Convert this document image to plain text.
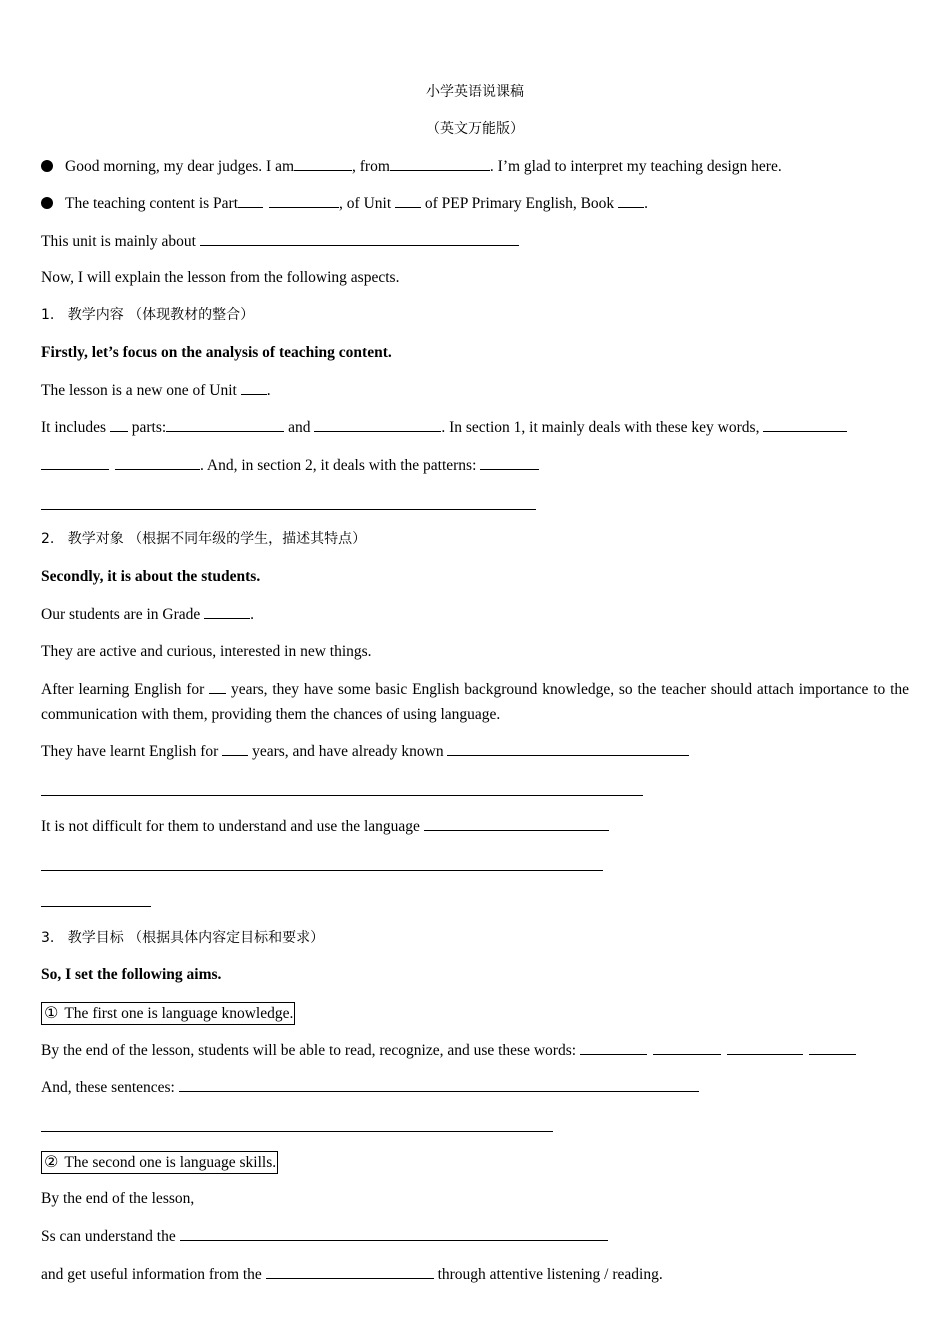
小学英语说课稿
（英文万能版）
Good morning, my dear judges. I am	, from	. I’m glad to interpret my teaching design here.
The teaching content is Part	, of Unit of PEP Primary English, Book .
This unit is mainly about
Now, I will explain the lesson from the following aspects.
1. 教学内容 （体现教材的整合）
Firstly, let’s focus on the analysis of teaching content.
The lesson is a new one of Unit .
It includes parts:	and	. In section 1, it mainly deals with these key words,
. And, in section 2, it deals with the patterns:
2. 教学对象 （根据不同年级的学生，描述其特点）
Secondly, it is about the students.
Our students are in Grade	.
They are active and curious, interested in new things.
After learning English for years, they have some basic English background knowledge, so the teacher should attach importance to the communication with them, providing them the chances of using language.
They have learnt English for years, and have already known
It is not difficult for them to understand and use the language
3. 教学目标 （根据具体内容定目标和要求）
So, I set the following aims.
① The first one is language knowledge.
By the end of the lesson, students will be able to read, recognize, and use these words:
And, these sentences:
② The second one is language skills.
By the end of the lesson,
Ss can understand the
and get useful information from the	through attentive listening / reading.
